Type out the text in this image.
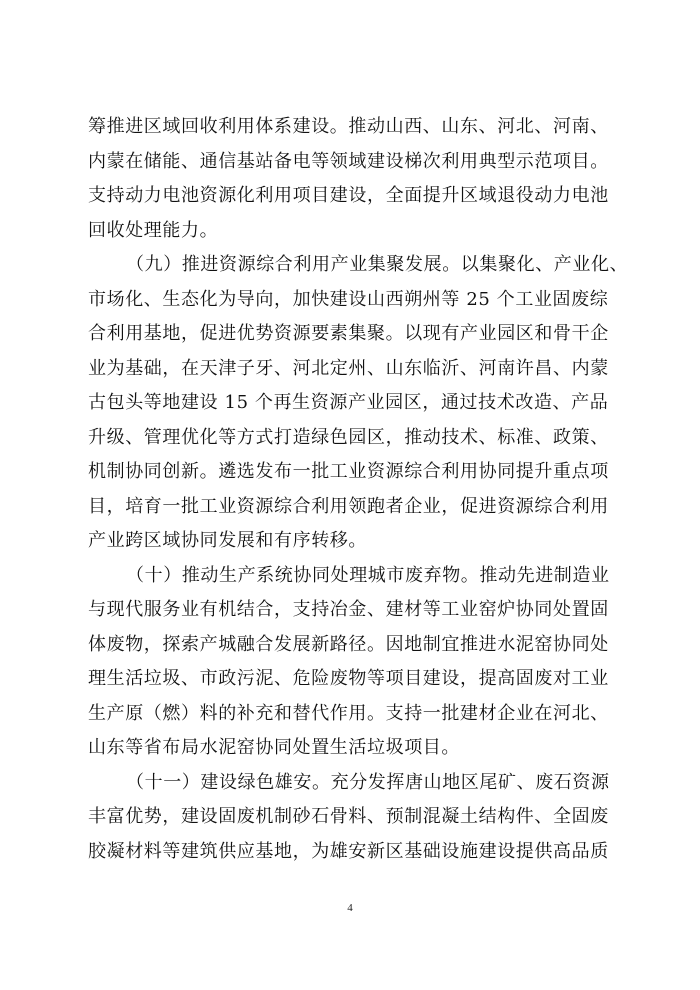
筹推进区域回收利用体系建设。推动山西、山东、河北、河南、
内蒙在储能、通信基站备电等领域建设梯次利用典型示范项目。
支持动力电池资源化利用项目建设，全面提升区域退役动力电池
回收处理能力。
（九）推进资源综合利用产业集聚发展。以集聚化、产业化、
市场化、生态化为导向，加快建设山西朔州等 25 个工业固废综
合利用基地，促进优势资源要素集聚。以现有产业园区和骨干企
业为基础，在天津子牙、河北定州、山东临沂、河南许昌、内蒙
古包头等地建设 15 个再生资源产业园区，通过技术改造、产品
升级、管理优化等方式打造绿色园区，推动技术、标准、政策、
机制协同创新。遴选发布一批工业资源综合利用协同提升重点项
目，培育一批工业资源综合利用领跑者企业，促进资源综合利用
产业跨区域协同发展和有序转移。
（十）推动生产系统协同处理城市废弃物。推动先进制造业
与现代服务业有机结合，支持冶金、建材等工业窑炉协同处置固
体废物，探索产城融合发展新路径。因地制宜推进水泥窑协同处
理生活垃圾、市政污泥、危险废物等项目建设，提高固废对工业
生产原（燃）料的补充和替代作用。支持一批建材企业在河北、
山东等省布局水泥窑协同处置生活垃圾项目。
（十一）建设绿色雄安。充分发挥唐山地区尾矿、废石资源
丰富优势，建设固废机制砂石骨料、预制混凝土结构件、全固废
胶凝材料等建筑供应基地，为雄安新区基础设施建设提供高品质
4
